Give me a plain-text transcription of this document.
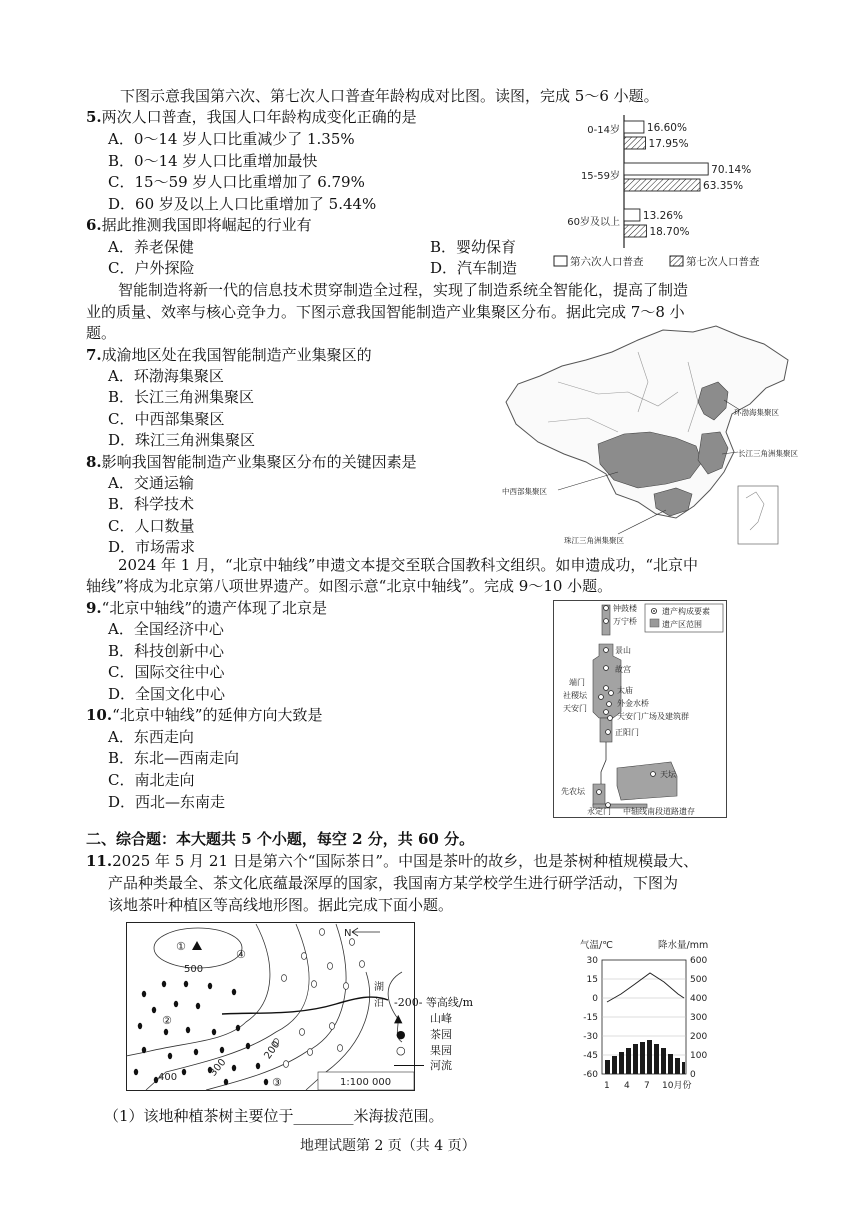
下图示意我国第六次、第七次人口普查年龄构成对比图。读图，完成 5～6 小题。
5.两次人口普查，我国人口年龄构成变化正确的是
A．0～14 岁人口比重减少了 1.35%
B．0～14 岁人口比重增加最快
C．15～59 岁人口比重增加了 6.79%
D．60 岁及以上人口比重增加了 5.44%
6.据此推测我国即将崛起的行业有
A．养老保健	B．婴幼保育
C．户外探险	D．汽车制造
16.60%
17.95%
70.14%
63.35%
13.26%
18.70%
0-14岁
15-59岁
60岁及以上
第六次人口普查	第七次人口普查
智能制造将新一代的信息技术贯穿制造全过程，实现了制造系统全智能化，提高了制造
业的质量、效率与核心竞争力。下图示意我国智能制造产业集聚区分布。据此完成 7～8 小
题。
7.成渝地区处在我国智能制造产业集聚区的
A．环渤海集聚区
B．长江三角洲集聚区
C．中西部集聚区
D．珠江三角洲集聚区
8.影响我国智能制造产业集聚区分布的关键因素是
A．交通运输
B．科学技术
C．人口数量
D．市场需求
环渤海集聚区
长江三角洲集聚区
中西部集聚区
珠江三角洲集聚区
2024 年 1 月，“北京中轴线”申遗文本提交至联合国教科文组织。如申遗成功，“北京中
轴线”将成为北京第八项世界遗产。如图示意“北京中轴线”。完成 9～10 小题。
9.“北京中轴线”的遗产体现了北京是
A．全国经济中心
B．科技创新中心
C．国际交往中心
D．全国文化中心
10.“北京中轴线”的延伸方向大致是
A．东西走向
B．东北—西南走向
C．南北走向
D．西北—东南走
遗产构成要素
遗产区范围
钟鼓楼
万宁桥
景山
故宫
端门
太庙
社稷坛
外金水桥
天安门
天安门广场及建筑群
正阳门
天坛
先农坛
永定门 中轴线南段道路遗存
二、综合题：本大题共 5 个小题，每空 2 分，共 60 分。
11.2025 年 5 月 21 日是第六个“国际茶日”。中国是茶叶的故乡，也是茶树种植规模最大、
产品种类最全、茶文化底蕴最深厚的国家，我国南方某学校学生进行研学活动，下图为
该地茶叶种植区等高线地形图。据此完成下面小题。
N
湖
泊
1:100 000
500
400	300
200
①
②
③
④
-200- 等高线/m
▲	山峰
● 茶园
○ 果园
河流
气温/℃	降水量/mm
30
15
0
-15
-30
-45
-60
600
500
400
300
200
100
0
1 4 7 10月份
（1）该地种植茶树主要位于________米海拔范围。
地理试题第 2 页（共 4 页）
